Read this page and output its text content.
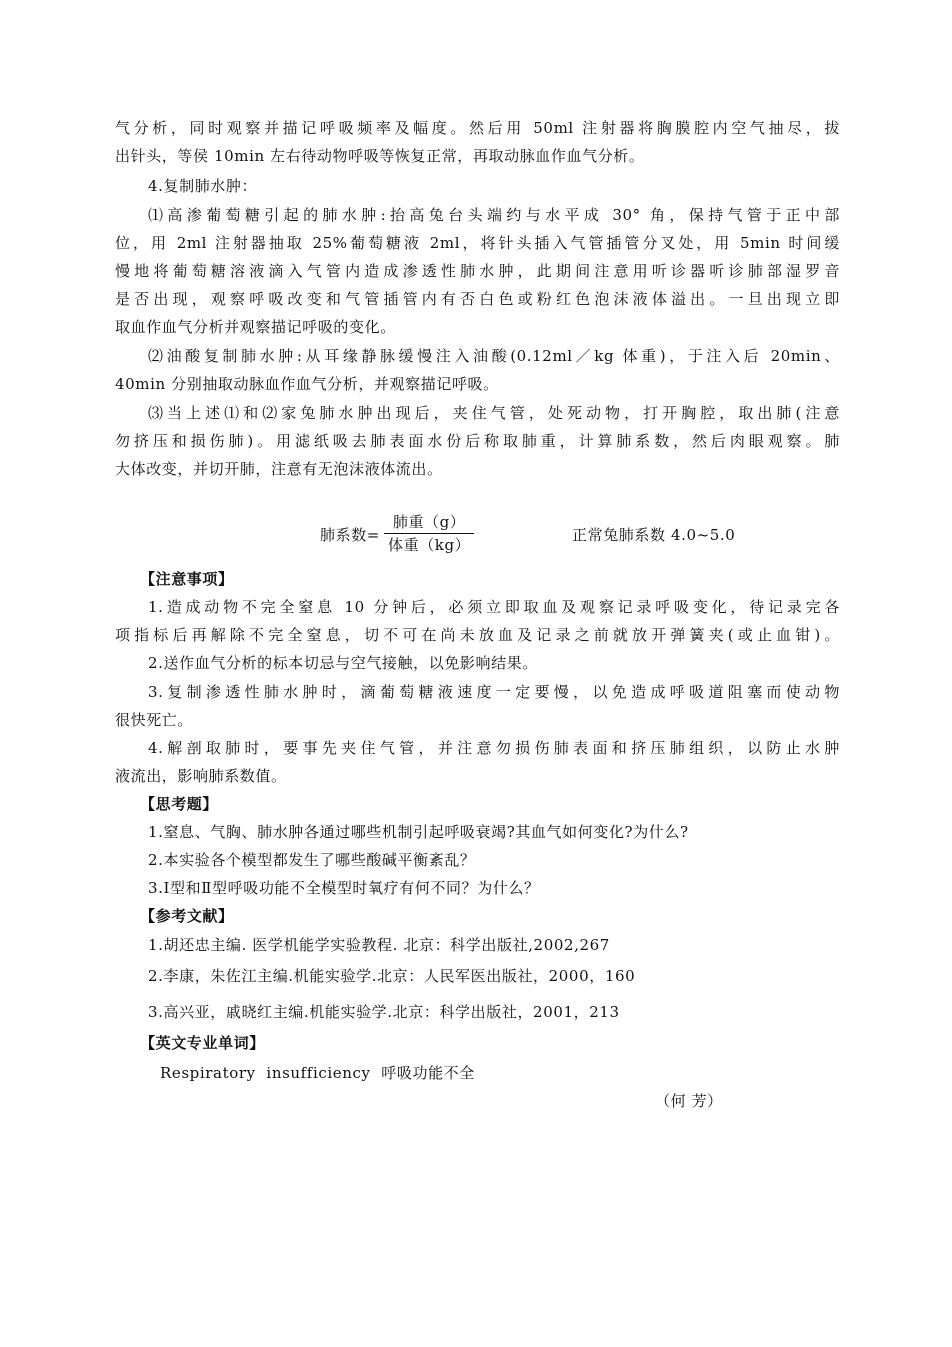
气分析，同时观察并描记呼吸频率及幅度。然后用 50ml 注射器将胸膜腔内空气抽尽，拔
出针头，等侯 10min 左右待动物呼吸等恢复正常，再取动脉血作血气分析。
4.复制肺水肿：
⑴高渗葡萄糖引起的肺水肿:抬高兔台头端约与水平成 30° 角，保持气管于正中部
位，用 2ml 注射器抽取 25%葡萄糖液 2ml，将针头插入气管插管分叉处，用 5min 时间缓
慢地将葡萄糖溶液滴入气管内造成渗透性肺水肿，此期间注意用听诊器听诊肺部湿罗音
是否出现，观察呼吸改变和气管插管内有否白色或粉红色泡沫液体溢出。一旦出现立即
取血作血气分析并观察描记呼吸的变化。
⑵油酸复制肺水肿:从耳缘静脉缓慢注入油酸(0.12ml／kg 体重)，于注入后 20min、
40min 分别抽取动脉血作血气分析，并观察描记呼吸。
⑶当上述⑴和⑵家兔肺水肿出现后，夹住气管，处死动物，打开胸腔，取出肺(注意
勿挤压和损伤肺)。用滤纸吸去肺表面水份后称取肺重，计算肺系数，然后肉眼观察。肺
大体改变，并切开肺，注意有无泡沫液体流出。
肺系数=
肺重（g）
体重（kg）
正常兔肺系数 4.0~5.0
【注意事项】
1.造成动物不完全窒息 10 分钟后，必须立即取血及观察记录呼吸变化，待记录完各
项指标后再解除不完全窒息，切不可在尚未放血及记录之前就放开弹簧夹(或止血钳)。
2.送作血气分析的标本切忌与空气接触，以免影响结果。
3.复制渗透性肺水肿时，滴葡萄糖液速度一定要慢，以免造成呼吸道阻塞而使动物
很快死亡。
4.解剖取肺时，要事先夹住气管，并注意勿损伤肺表面和挤压肺组织，以防止水肿
液流出，影响肺系数值。
【思考题】
1.窒息、气胸、肺水肿各通过哪些机制引起呼吸衰竭?其血气如何变化?为什么?
2.本实验各个模型都发生了哪些酸碱平衡紊乱？
3.Ⅰ型和Ⅱ型呼吸功能不全模型时氧疗有何不同？为什么？
【参考文献】
1.胡还忠主编. 医学机能学实验教程. 北京：科学出版社,2002,267
2.李康，朱佐江主编.机能实验学.北京：人民军医出版社，2000，160
3.高兴亚，戚晓红主编.机能实验学.北京：科学出版社，2001，213
【英文专业单词】
Respiratory  insufficiency  呼吸功能不全
（何 芳）
